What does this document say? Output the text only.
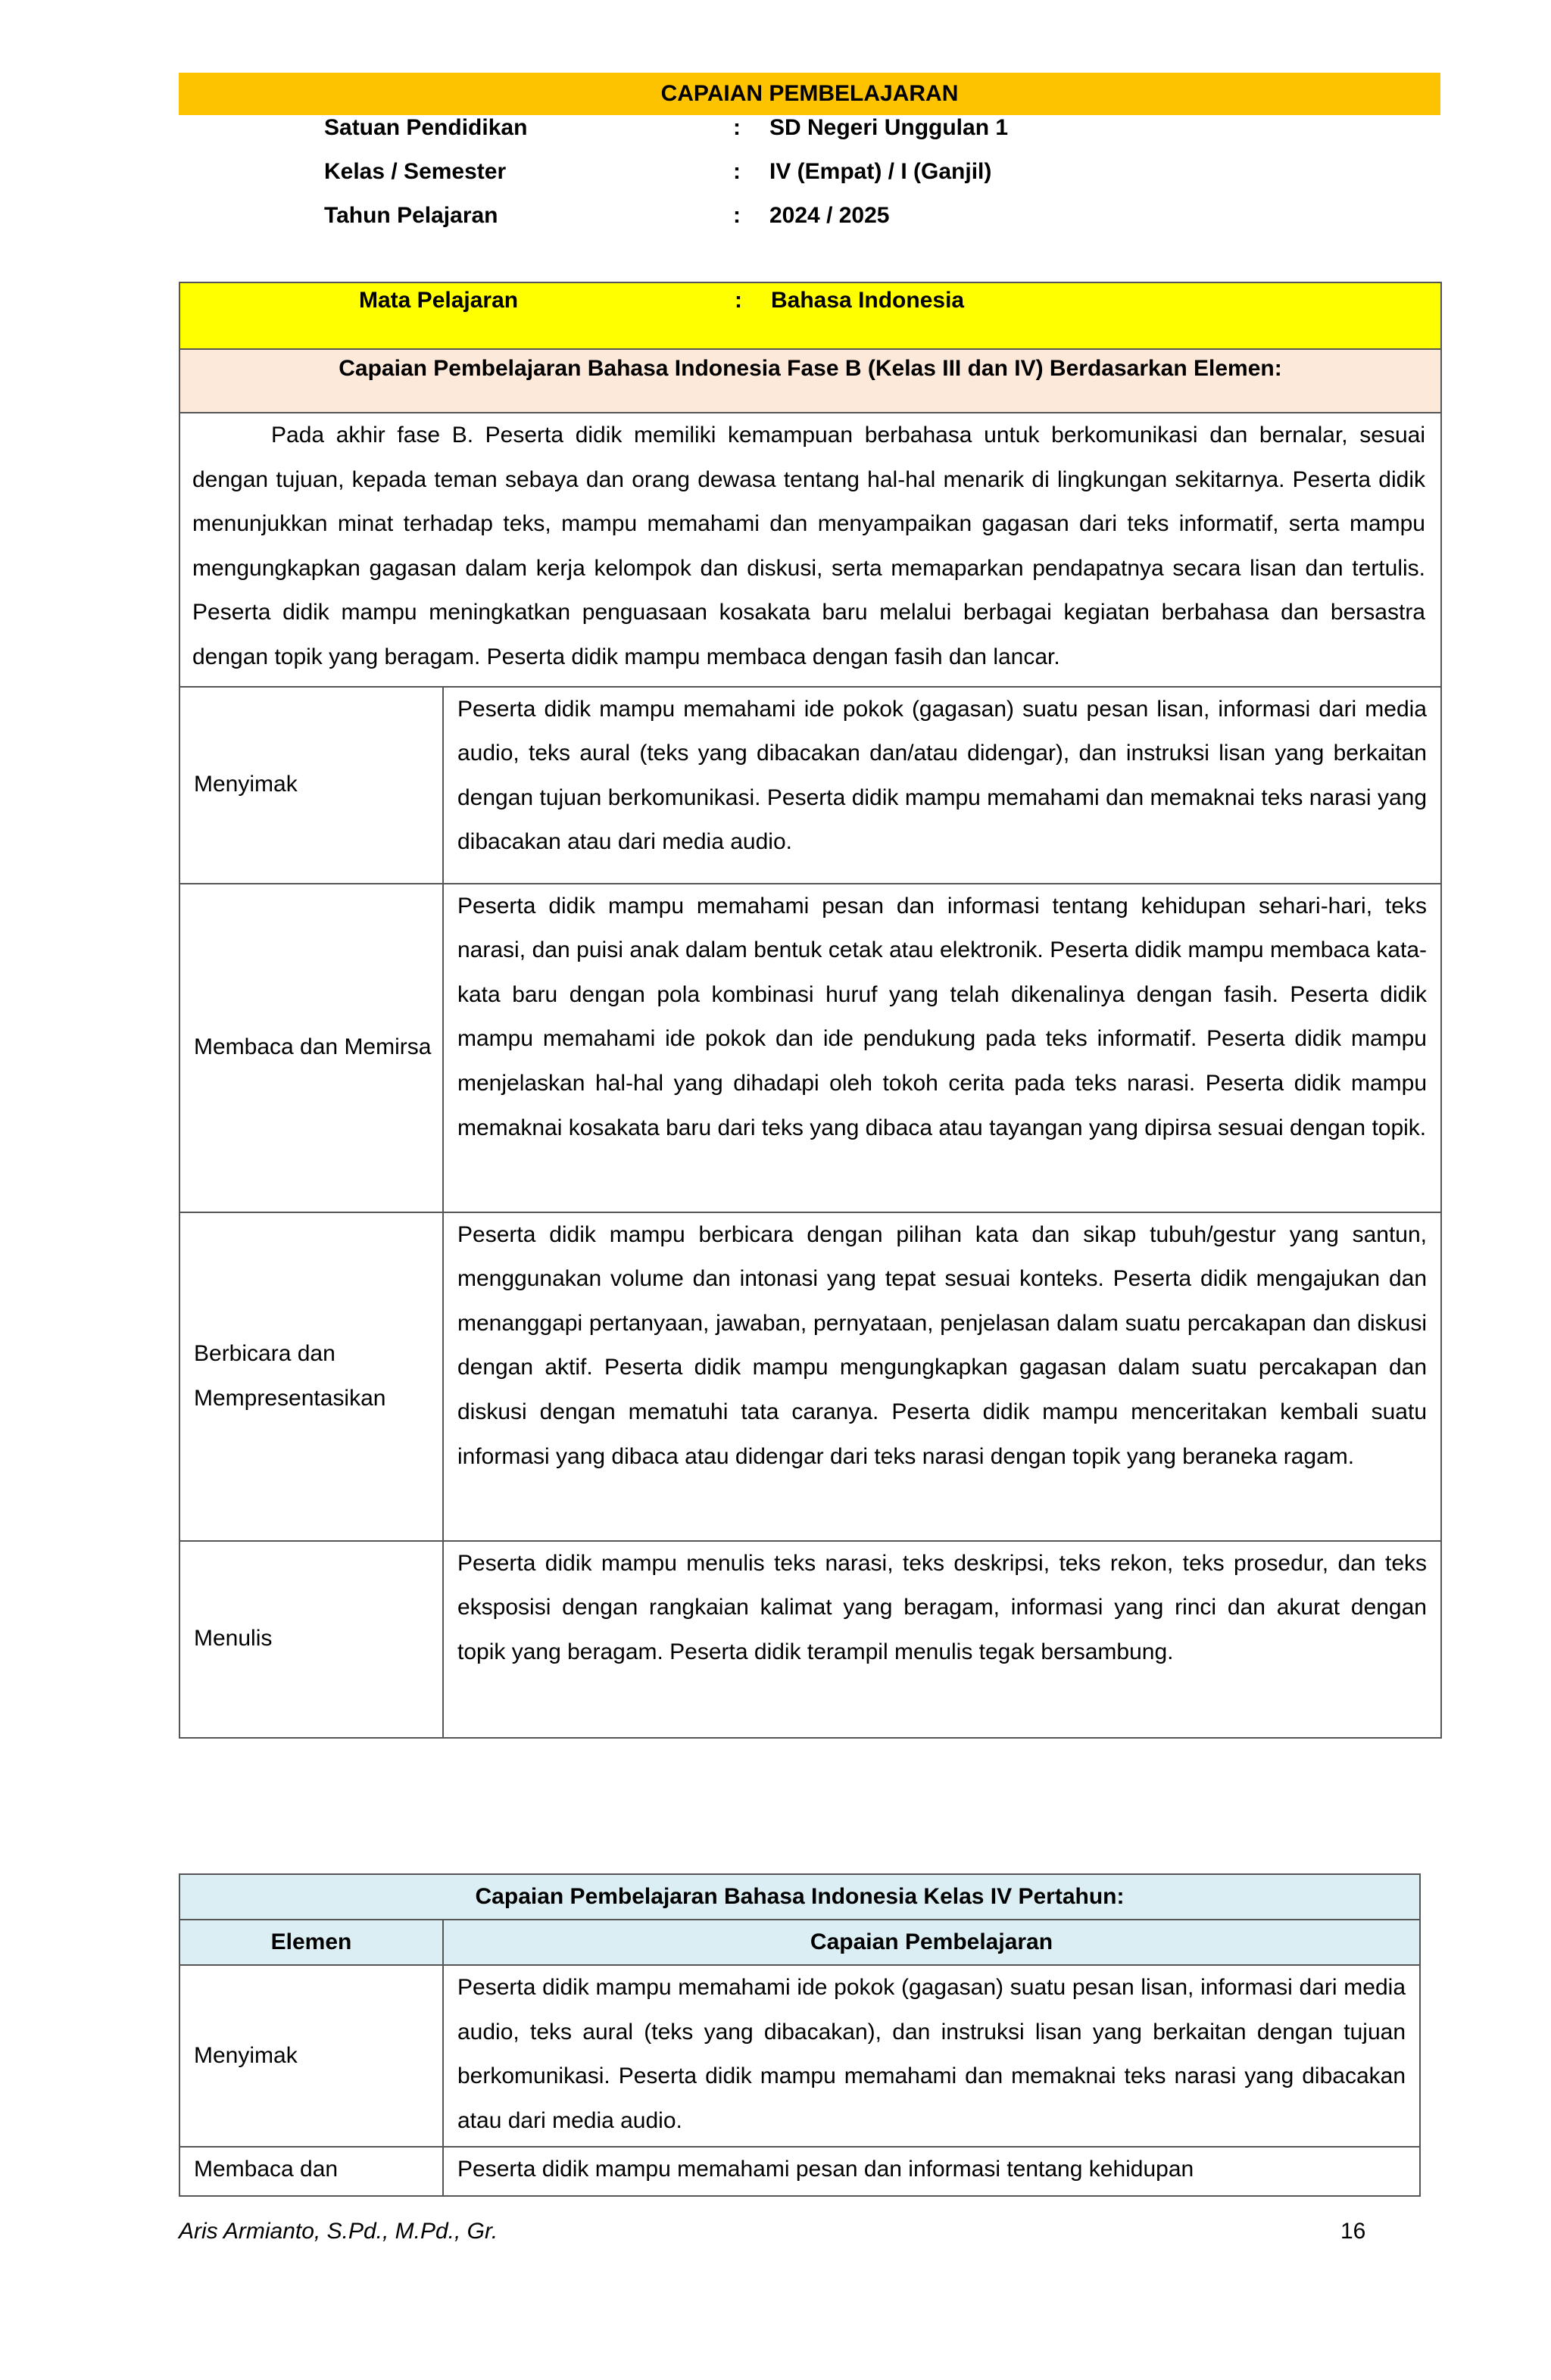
CAPAIAN PEMBELAJARAN
Satuan Pendidikan	: SD Negeri Unggulan 1
Kelas / Semester	: IV (Empat) / I (Ganjil)
Tahun Pelajaran	: 2024 / 2025
Mata Pelajaran : Bahasa Indonesia	

Capaian Pembelajaran Bahasa Indonesia Fase B (Kelas III dan IV) Berdasarkan Elemen:	

Pada akhir fase B. Peserta didik memiliki kemampuan berbahasa untuk berkomunikasi dan bernalar, sesuai dengan tujuan, kepada teman sebaya dan orang dewasa tentang hal-hal menarik di lingkungan sekitarnya. Peserta didik menunjukkan minat terhadap teks, mampu memahami dan menyampaikan gagasan dari teks informatif, serta mampu mengungkapkan gagasan dalam kerja kelompok dan diskusi, serta memaparkan pendapatnya secara lisan dan tertulis. Peserta didik mampu meningkatkan penguasaan kosakata baru melalui berbagai kegiatan berbahasa dan bersastra dengan topik yang beragam. Peserta didik mampu membaca dengan fasih dan lancar.	

Menyimak	Peserta didik mampu memahami ide pokok (gagasan) suatu pesan lisan, informasi dari media audio, teks aural (teks yang dibacakan dan/atau didengar), dan instruksi lisan yang berkaitan dengan tujuan berkomunikasi. Peserta didik mampu memahami dan memaknai teks narasi yang dibacakan atau dari media audio.
Membaca dan Memirsa	Peserta didik mampu memahami pesan dan informasi tentang kehidupan sehari-hari, teks narasi, dan puisi anak dalam bentuk cetak atau elektronik. Peserta didik mampu membaca kata-kata baru dengan pola kombinasi huruf yang telah dikenalinya dengan fasih. Peserta didik mampu memahami ide pokok dan ide pendukung pada teks informatif. Peserta didik mampu menjelaskan hal-hal yang dihadapi oleh tokoh cerita pada teks narasi. Peserta didik mampu memaknai kosakata baru dari teks yang dibaca atau tayangan yang dipirsa sesuai dengan topik.
Berbicara dan Mempresentasikan	Peserta didik mampu berbicara dengan pilihan kata dan sikap tubuh/gestur yang santun, menggunakan volume dan intonasi yang tepat sesuai konteks. Peserta didik mengajukan dan menanggapi pertanyaan, jawaban, pernyataan, penjelasan dalam suatu percakapan dan diskusi dengan aktif. Peserta didik mampu mengungkapkan gagasan dalam suatu percakapan dan diskusi dengan mematuhi tata caranya. Peserta didik mampu menceritakan kembali suatu informasi yang dibaca atau didengar dari teks narasi dengan topik yang beraneka ragam.
Menulis	Peserta didik mampu menulis teks narasi, teks deskripsi, teks rekon, teks prosedur, dan teks eksposisi dengan rangkaian kalimat yang beragam, informasi yang rinci dan akurat dengan topik yang beragam. Peserta didik terampil menulis tegak bersambung.
Capaian Pembelajaran Bahasa Indonesia Kelas IV Pertahun:	
Elemen	Capaian Pembelajaran
Menyimak	Peserta didik mampu memahami ide pokok (gagasan) suatu pesan lisan, informasi dari media audio, teks aural (teks yang dibacakan), dan instruksi lisan yang berkaitan dengan tujuan berkomunikasi. Peserta didik mampu memahami dan memaknai teks narasi yang dibacakan atau dari media audio.
Membaca dan	Peserta didik mampu memahami pesan dan informasi tentang kehidupan
Aris Armianto, S.Pd., M.Pd., Gr.	16
